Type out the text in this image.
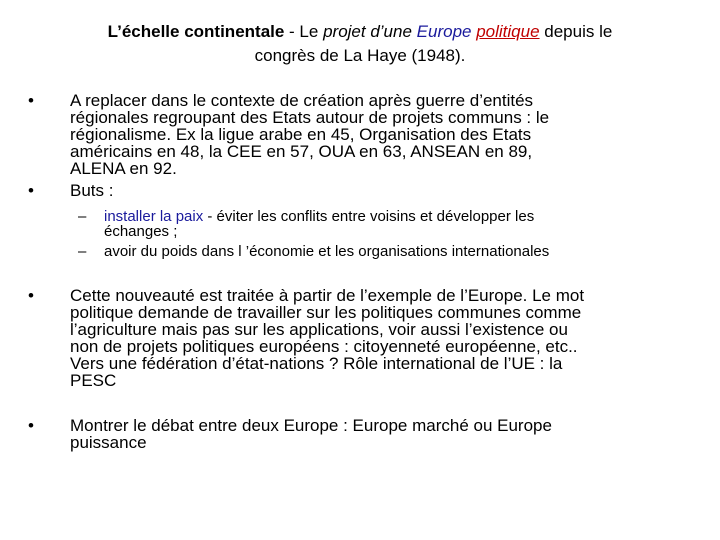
L’échelle continentale - Le projet d’une Europe politique depuis le
congrès de La Haye (1948).
•	A replacer dans le contexte de création après guerre d’entités
régionales regroupant des Etats autour de projets communs : le
régionalisme. Ex la ligue arabe en 45, Organisation des Etats
américains en 48, la CEE en 57, OUA en 63, ANSEAN en 89,
ALENA en 92.
•	Buts :
– installer la paix - éviter les conflits entre voisins et développer les
échanges ;
– avoir du poids dans l ’économie et les organisations internationales
•	Cette nouveauté est traitée à partir de l’exemple de l’Europe. Le mot
politique demande de travailler sur les politiques communes comme
l’agriculture mais pas sur les applications, voir aussi l’existence ou
non de projets politiques européens : citoyenneté européenne, etc..
Vers une fédération d’état-nations ? Rôle international de l’UE : la
PESC
•	Montrer le débat entre deux Europe : Europe marché ou Europe
puissance
